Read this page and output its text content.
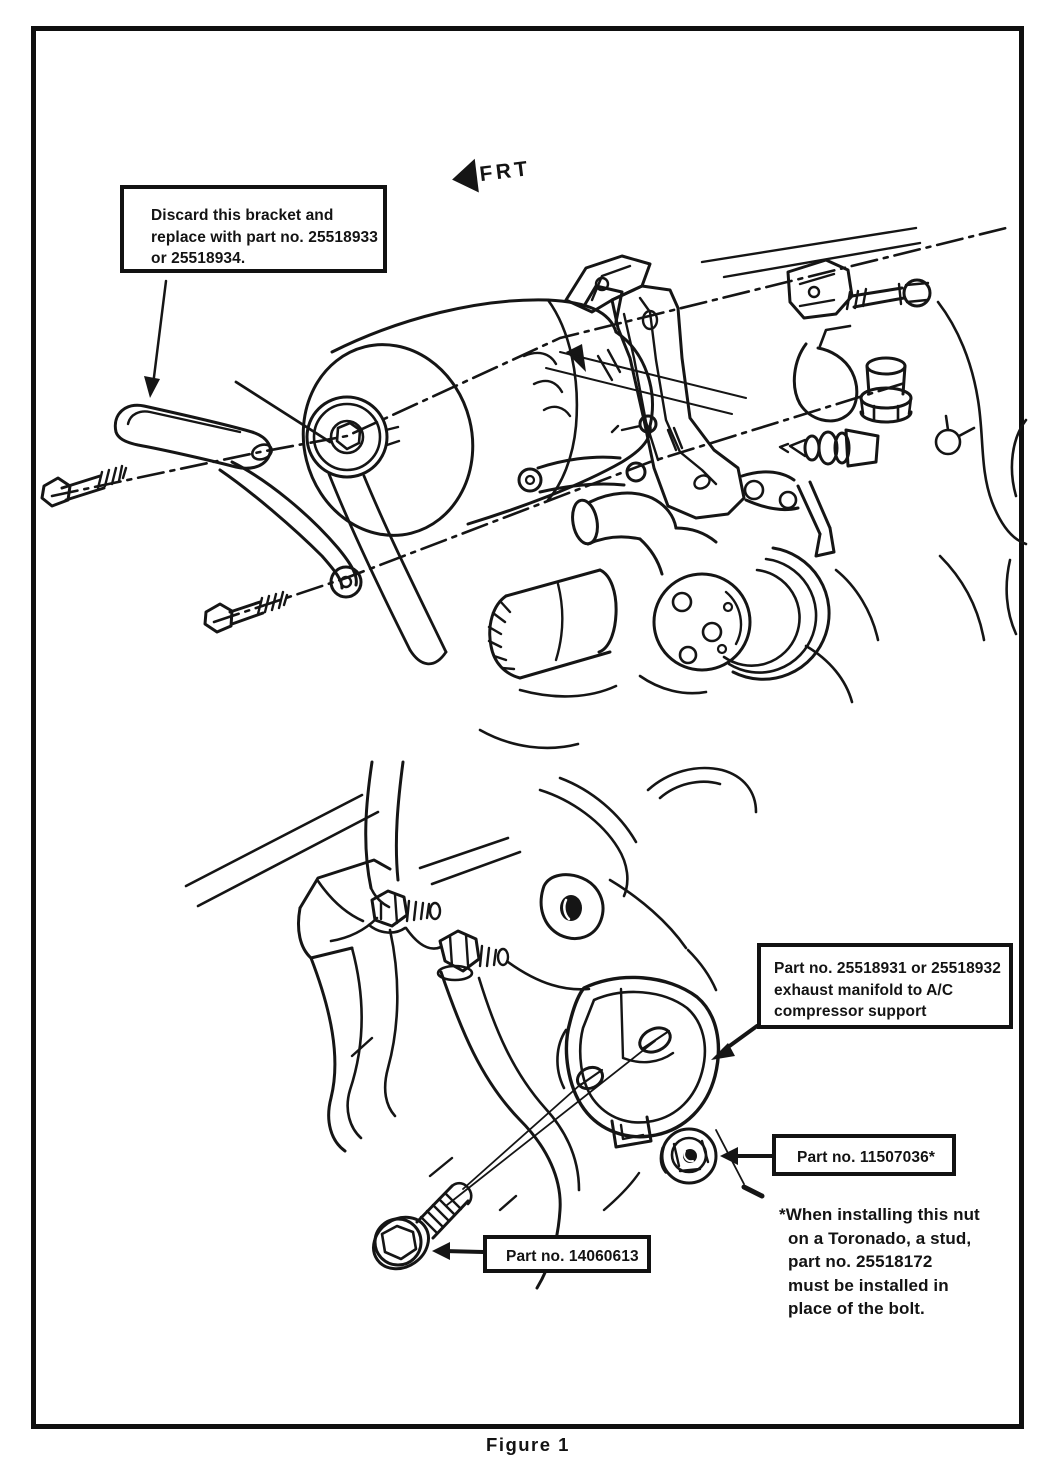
FRT
Discard this bracket and
replace with part no. 25518933
or 25518934.
Part no. 25518931 or 25518932
exhaust manifold to A/C
compressor support
Part no. 11507036*
Part no. 14060613
*When installing this nut
on a Toronado, a stud,
part no. 25518172
must be installed in
place of the bolt.
Figure 1
